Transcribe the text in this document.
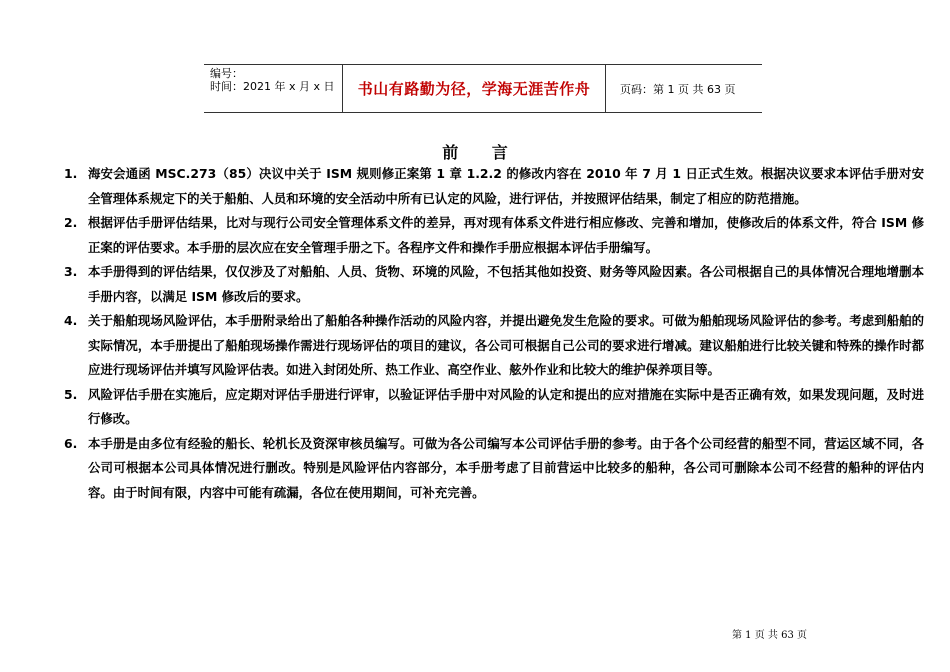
编号：
时间：2021 年 x 月 x 日	书山有路勤为径，学海无涯苦作舟	页码：第 1 页 共 63 页
前      言
1. 海安会通函 MSC.273（85）决议中关于 ISM 规则修正案第 1 章 1.2.2 的修改内容在 2010 年 7 月 1 日正式生效。根据决议要求本评估手册对安全管理体系规定下的关于船舶、人员和环境的安全活动中所有已认定的风险，进行评估，并按照评估结果，制定了相应的防范措施。
2. 根据评估手册评估结果，比对与现行公司安全管理体系文件的差异，再对现有体系文件进行相应修改、完善和增加，使修改后的体系文件，符合 ISM 修正案的评估要求。本手册的层次应在安全管理手册之下。各程序文件和操作手册应根据本评估手册编写。
3. 本手册得到的评估结果，仅仅涉及了对船舶、人员、货物、环境的风险，不包括其他如投资、财务等风险因素。各公司根据自己的具体情况合理地增删本手册内容，以满足 ISM 修改后的要求。
4. 关于船舶现场风险评估，本手册附录给出了船舶各种操作活动的风险内容，并提出避免发生危险的要求。可做为船舶现场风险评估的参考。考虑到船舶的实际情况，本手册提出了船舶现场操作需进行现场评估的项目的建议，各公司可根据自己公司的要求进行增减。建议船舶进行比较关键和特殊的操作时都应进行现场评估并填写风险评估表。如进入封闭处所、热工作业、高空作业、舷外作业和比较大的维护保养项目等。
5. 风险评估手册在实施后，应定期对评估手册进行评审，以验证评估手册中对风险的认定和提出的应对措施在实际中是否正确有效，如果发现问题，及时进行修改。
6. 本手册是由多位有经验的船长、轮机长及资深审核员编写。可做为各公司编写本公司评估手册的参考。由于各个公司经营的船型不同，营运区域不同，各公司可根据本公司具体情况进行删改。特别是风险评估内容部分，本手册考虑了目前营运中比较多的船种，各公司可删除本公司不经营的船种的评估内容。由于时间有限，内容中可能有疏漏，各位在使用期间，可补充完善。
第 1 页 共 63 页
